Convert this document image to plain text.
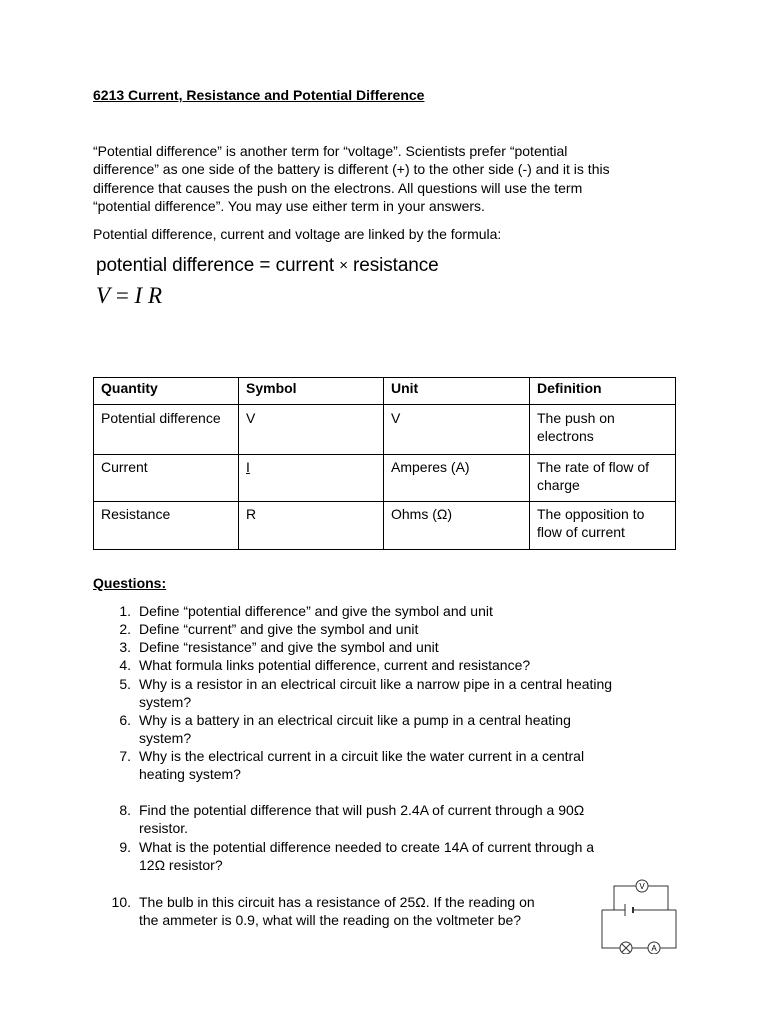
6213 Current, Resistance and Potential Difference

“Potential difference” is another term for “voltage”. Scientists prefer “potential
difference” as one side of the battery is different (+) to the other side (-) and it is this
difference that causes the push on the electrons. All questions will use the term
“potential difference”. You may use either term in your answers.

Potential difference, current and voltage are linked by the formula:
potential difference = current × resistance
V = I R
Quantity	Symbol	Unit	Definition
Potential difference	V	V	The push on electrons
Current	I	Amperes (A)	The rate of flow of charge
Resistance	R	Ohms (Ω)	The opposition to flow of current
Questions:
1. Define “potential difference” and give the symbol and unit
2. Define “current” and give the symbol and unit
3. Define “resistance” and give the symbol and unit
4. What formula links potential difference, current and resistance?
5. Why is a resistor in an electrical circuit like a narrow pipe in a central heating
system?
6. Why is a battery in an electrical circuit like a pump in a central heating
system?
7. Why is the electrical current in a circuit like the water current in a central
heating system?
8. Find the potential difference that will push 2.4A of current through a 90Ω
resistor.
9. What is the potential difference needed to create 14A of current through a
12Ω resistor?
10. The bulb in this circuit has a resistance of 25Ω. If the reading on
the ammeter is 0.9, what will the reading on the voltmeter be?
V
A
